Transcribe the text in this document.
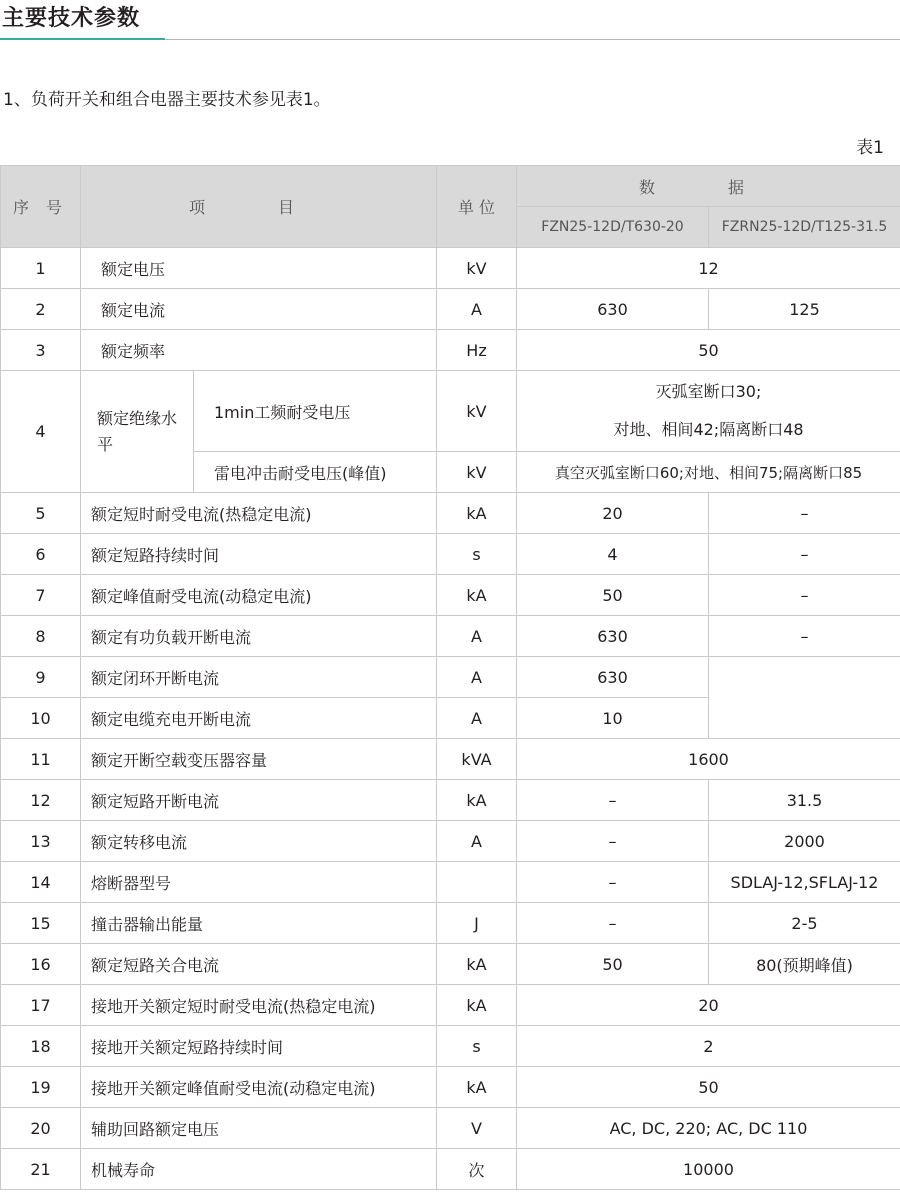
主要技术参数
1、负荷开关和组合电器主要技术参见表1。
表1
序 号	项 目		单 位	数 据	
				FZN25-12D/T630-20	FZRN25-12D/T125-31.5
1	额定电压		kV	12	
2	额定电流		A	630	125
3	额定频率		Hz	50	
4	额定绝缘水平	1min工频耐受电压	kV	灭弧室断口30;
对地、相间42;隔离断口48	

		雷电冲击耐受电压(峰值)	kV	真空灭弧室断口60;对地、相间75;隔离断口85	
5	额定短时耐受电流(热稳定电流)		kA	20	–
6	额定短路持续时间		s	4	–
7	额定峰值耐受电流(动稳定电流)		kA	50	–
8	额定有功负载开断电流		A	630	–
9	额定闭环开断电流		A	630	
10	额定电缆充电开断电流		A	10	
11	额定开断空载变压器容量		kVA	1600	
12	额定短路开断电流		kA	–	31.5
13	额定转移电流		A	–	2000
14	熔断器型号			–	SDLAJ-12,SFLAJ-12
15	撞击器输出能量		J	–	2-5
16	额定短路关合电流		kA	50	80(预期峰值)
17	接地开关额定短时耐受电流(热稳定电流)		kA	20	
18	接地开关额定短路持续时间		s	2	
19	接地开关额定峰值耐受电流(动稳定电流)		kA	50	
20	辅助回路额定电压		V	AC, DC, 220; AC, DC 110	
21	机械寿命		次	10000	
